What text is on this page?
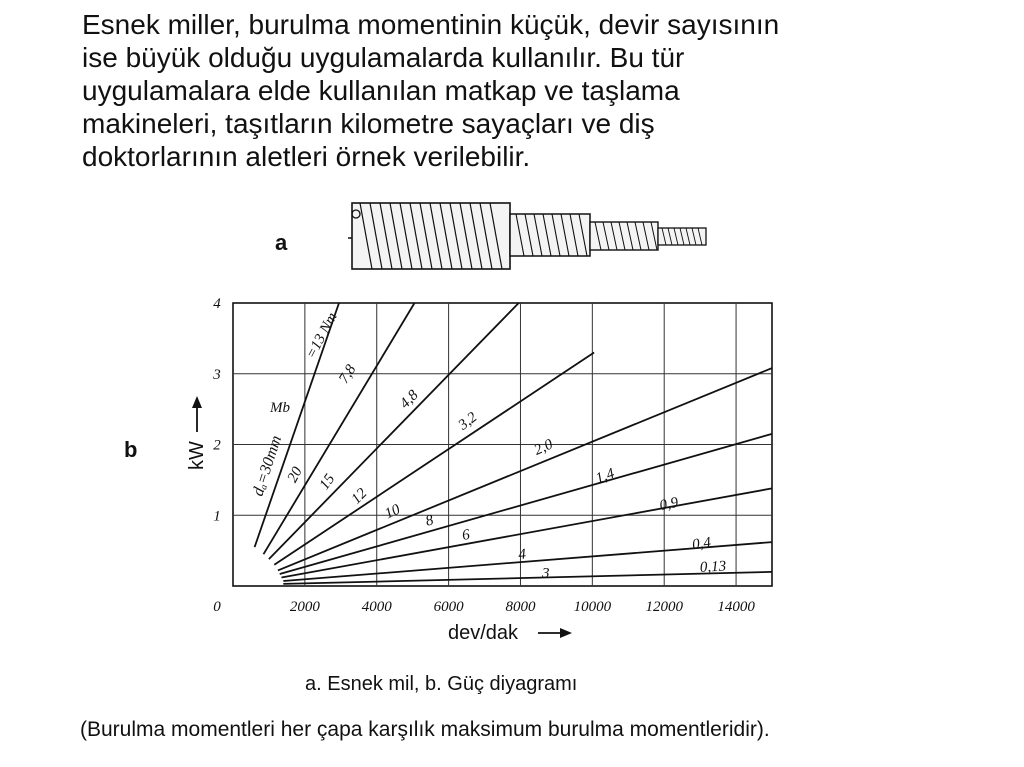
Esnek miller, burulma momentinin küçük, devir sayısının
ise büyük olduğu uygulamalarda kullanılır. Bu tür
uygulamalara elde kullanılan matkap ve taşlama
makineleri, taşıtların kilometre sayaçları ve diş
doktorlarının aletleri örnek verilebilir.

a
b
2000	4000	6000	8000	10000 12000 14000
0
1
2
3
4
=13 Nm
7,8
4,8
3,2
2,0
1,4
0,9
0,4
0,13
20 15
12
10 8
6
4
3
dₐ=30mm
Mb
kW
dev/dak
a. Esnek mil, b. Güç diyagramı
(Burulma momentleri her çapa karşılık maksimum burulma momentleridir).
